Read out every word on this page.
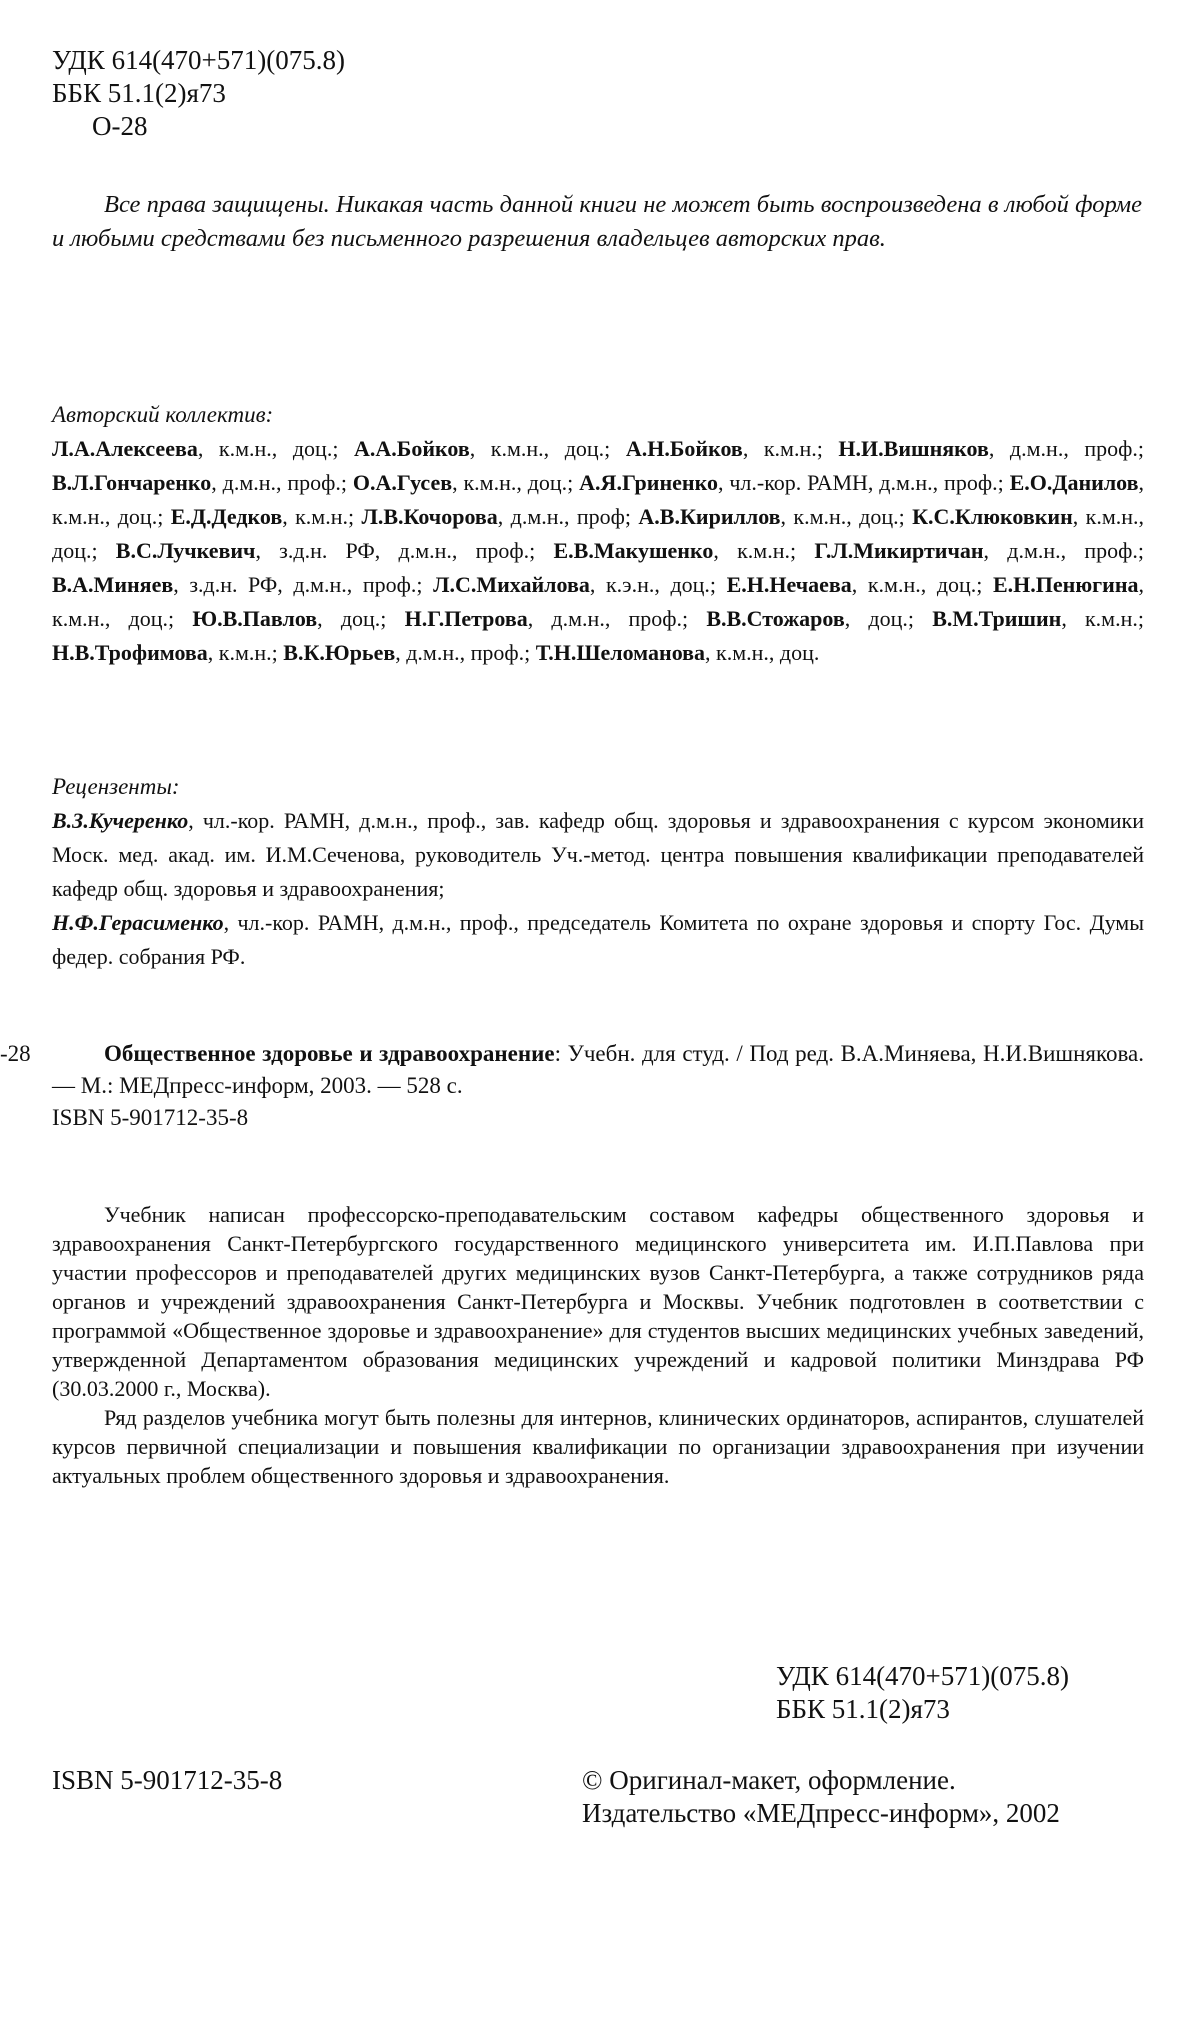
УДК 614(470+571)(075.8)
ББК 51.1(2)я73
О-28
Все права защищены. Никакая часть данной книги не может быть воспроизведена в любой форме и любыми средствами без письменного разрешения владельцев авторских прав.
Авторский коллектив:
Л.А.Алексеева, к.м.н., доц.; А.А.Бойков, к.м.н., доц.; А.Н.Бойков, к.м.н.; Н.И.Вишняков, д.м.н., проф.; В.Л.Гончаренко, д.м.н., проф.; О.А.Гусев, к.м.н., доц.; А.Я.Гриненко, чл.-кор. РАМН, д.м.н., проф.; Е.О.Данилов, к.м.н., доц.; Е.Д.Дедков, к.м.н.; Л.В.Кочорова, д.м.н., проф; А.В.Кириллов, к.м.н., доц.; К.С.Клюковкин, к.м.н., доц.; В.С.Лучкевич, з.д.н. РФ, д.м.н., проф.; Е.В.Макушенко, к.м.н.; Г.Л.Микиртичан, д.м.н., проф.; В.А.Миняев, з.д.н. РФ, д.м.н., проф.; Л.С.Михайлова, к.э.н., доц.; Е.Н.Нечаева, к.м.н., доц.; Е.Н.Пенюгина, к.м.н., доц.; Ю.В.Павлов, доц.; Н.Г.Петрова, д.м.н., проф.; В.В.Стожаров, доц.; В.М.Тришин, к.м.н.; Н.В.Трофимова, к.м.н.; В.К.Юрьев, д.м.н., проф.; Т.Н.Шеломанова, к.м.н., доц.
Рецензенты:
В.З.Кучеренко, чл.-кор. РАМН, д.м.н., проф., зав. кафедр общ. здоровья и здравоохранения с курсом экономики Моск. мед. акад. им. И.М.Сеченова, руководитель Уч.-метод. центра повышения квалификации преподавателей кафедр общ. здоровья и здравоохранения;
Н.Ф.Герасименко, чл.-кор. РАМН, д.м.н., проф., председатель Комитета по охране здоровья и спорту Гос. Думы федер. собрания РФ.
-28	Общественное здоровье и здравоохранение: Учебн. для студ. / Под ред. В.А.Миняева, Н.И.Вишнякова. — М.: МЕДпресс-информ, 2003. — 528 с.

ISBN 5-901712-35-8

Учебник написан профессорско-преподавательским составом кафедры общественного здоровья и здравоохранения Санкт-Петербургского государственного медицинского университета им. И.П.Павлова при участии профессоров и преподавателей других медицинских вузов Санкт-Петербурга, а также сотрудников ряда органов и учреждений здравоохранения Санкт-Петербурга и Москвы. Учебник подготовлен в соответствии с программой «Общественное здоровье и здравоохранение» для студентов высших медицинских учебных заведений, утвержденной Департаментом образования медицинских учреждений и кадровой политики Минздрава РФ (30.03.2000 г., Москва).

Ряд разделов учебника могут быть полезны для интернов, клинических ординаторов, аспирантов, слушателей курсов первичной специализации и повышения квалификации по организации здравоохранения при изучении актуальных проблем общественного здоровья и здравоохранения.

УДК 614(470+571)(075.8)
ББК 51.1(2)я73
ISBN 5-901712-35-8	© Оригинал-макет, оформление.
Издательство «МЕДпресс-информ», 2002
